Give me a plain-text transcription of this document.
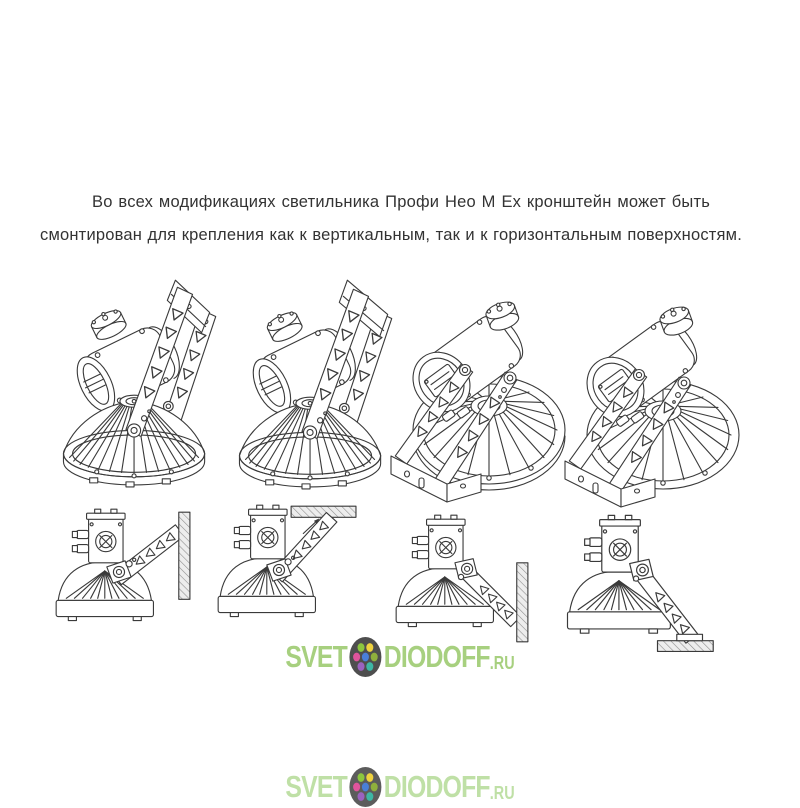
Во всех модификациях светильника Профи Нео М Ех кронштейн может быть
смонтирован для крепления как к вертикальным, так и к горизонтальным поверхностям.
SVET DIODOFF .RU
SVET DIODOFF .RU
